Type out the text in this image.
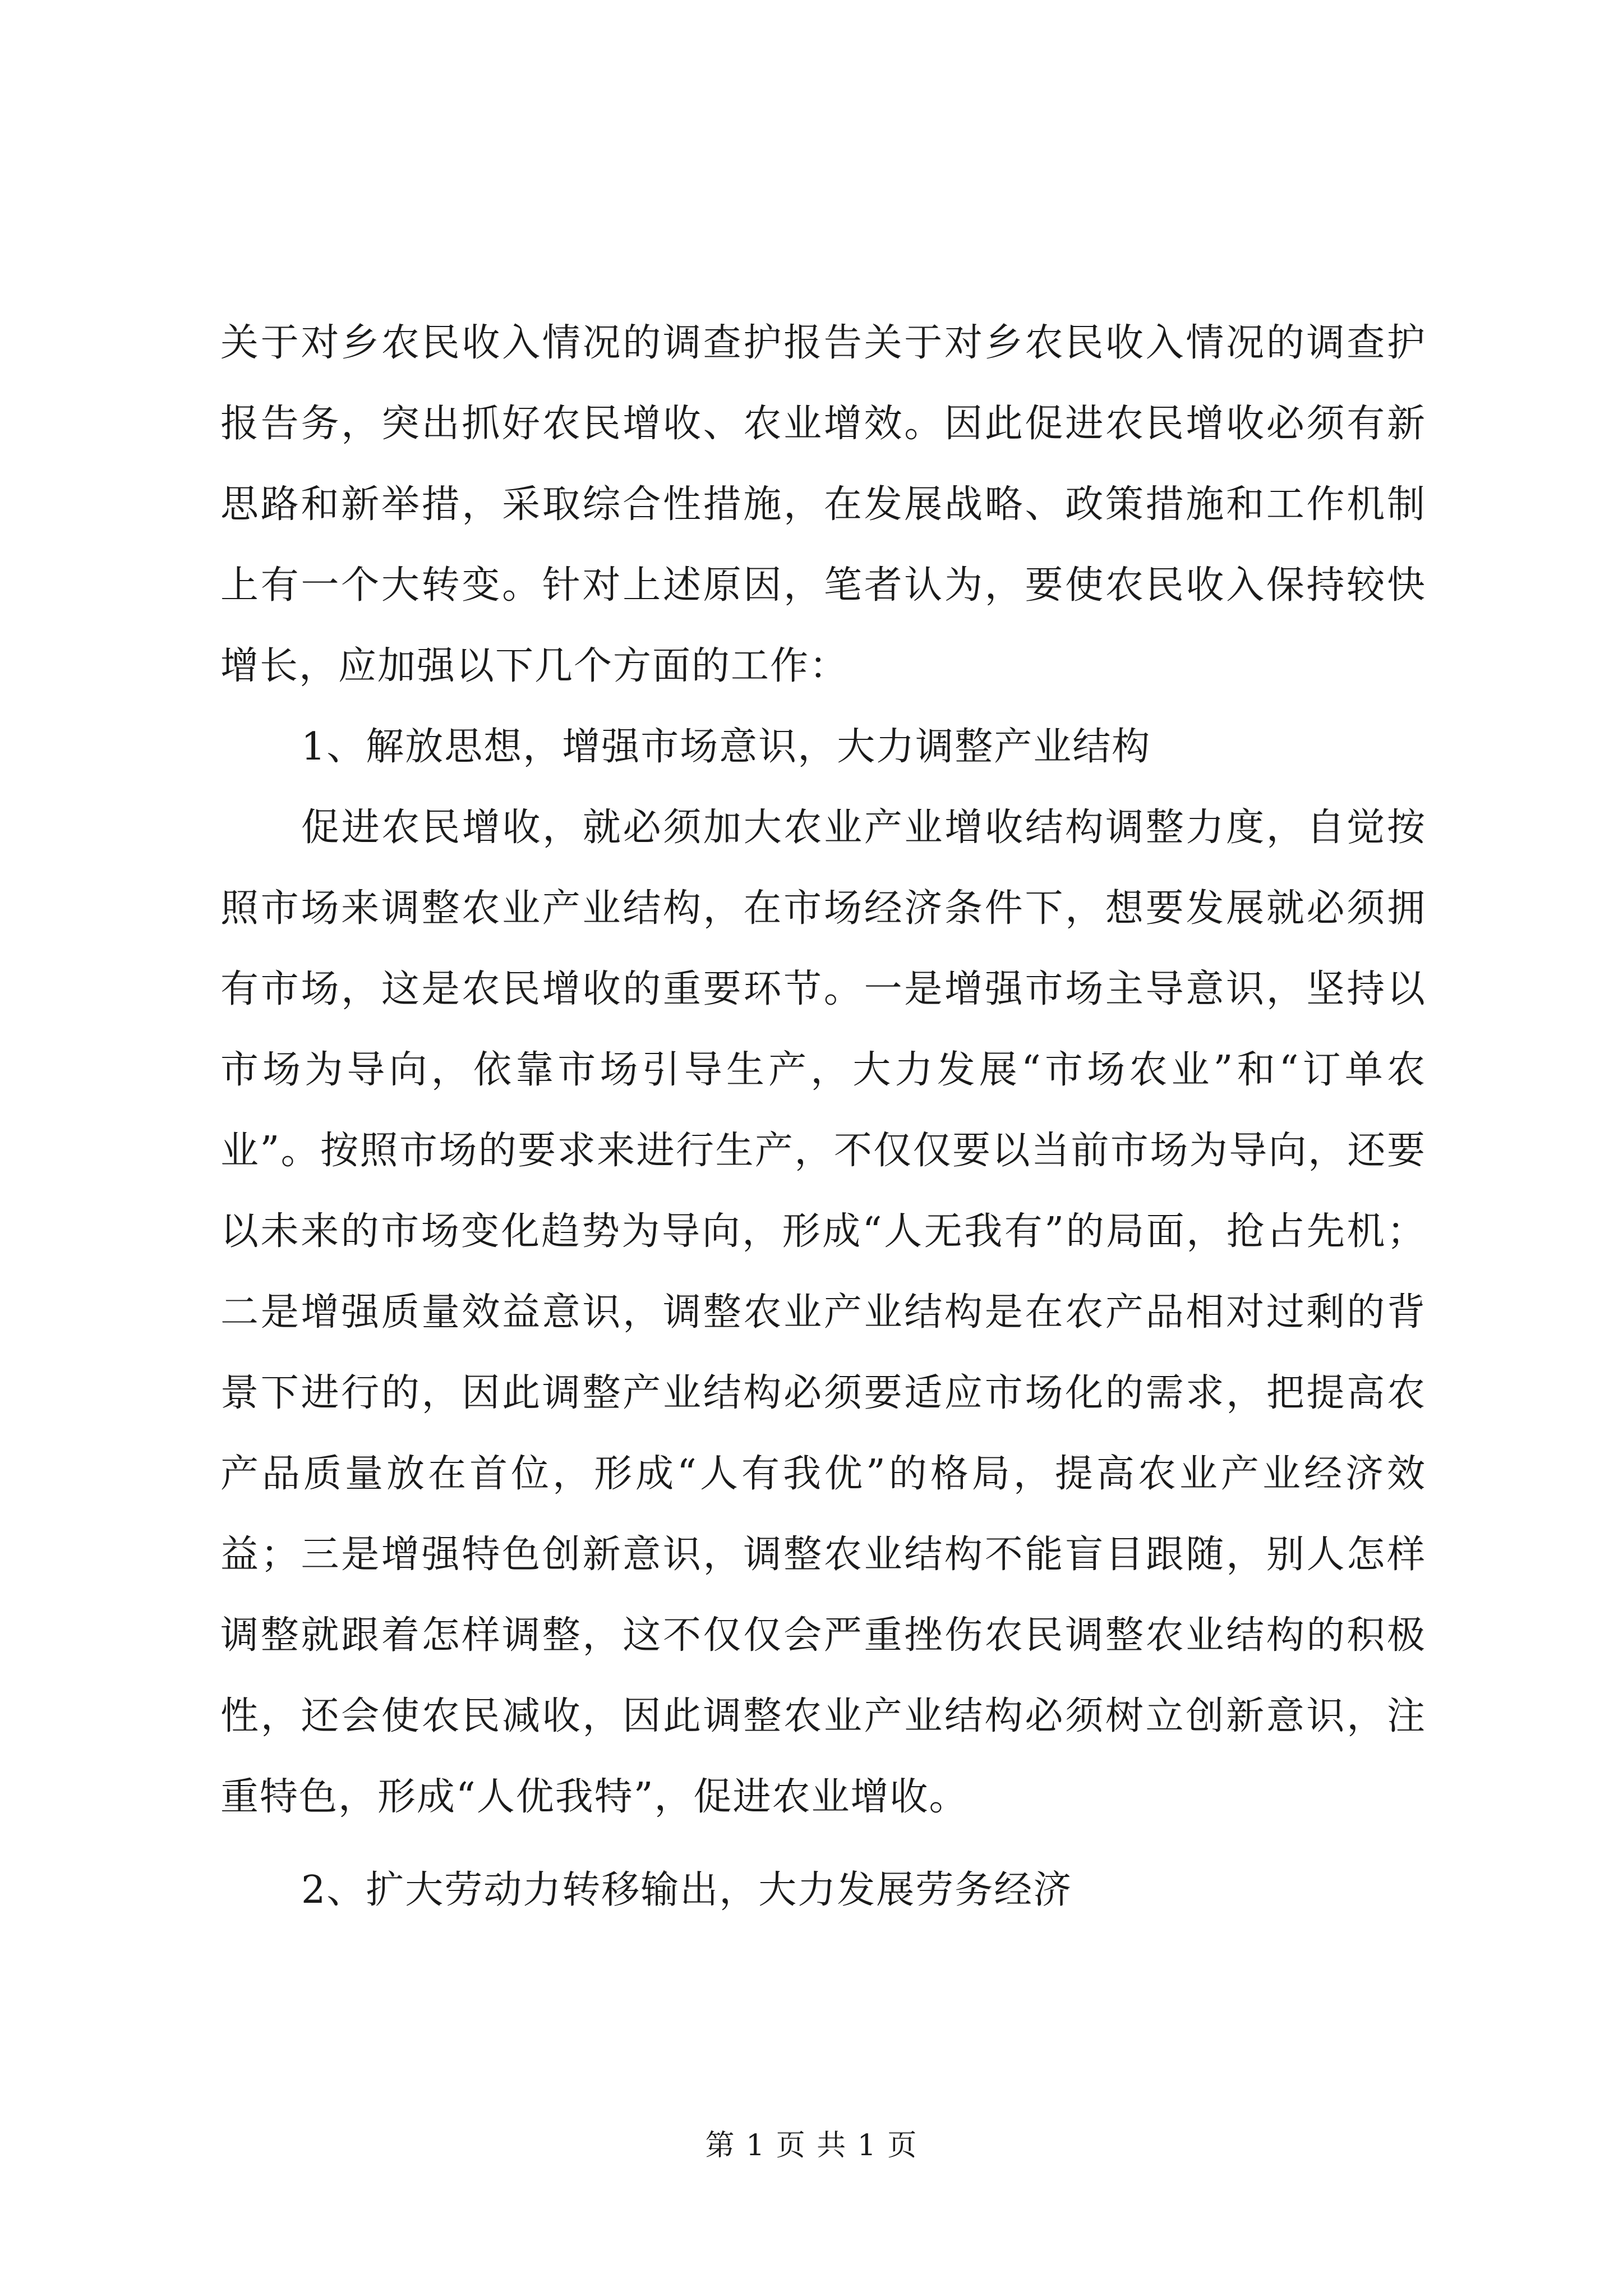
关于对乡农民收入情况的调查护报告关于对乡农民收入情况的调查护报告务，突出抓好农民增收、农业增效。因此促进农民增收必须有新思路和新举措，采取综合性措施，在发展战略、政策措施和工作机制上有一个大转变。针对上述原因，笔者认为，要使农民收入保持较快增长，应加强以下几个方面的工作：

1、解放思想，增强市场意识，大力调整产业结构

促进农民增收，就必须加大农业产业增收结构调整力度，自觉按照市场来调整农业产业结构，在市场经济条件下，想要发展就必须拥有市场，这是农民增收的重要环节。一是增强市场主导意识，坚持以市场为导向，依靠市场引导生产，大力发展“市场农业”和“订单农业”。按照市场的要求来进行生产，不仅仅要以当前市场为导向，还要以未来的市场变化趋势为导向，形成“人无我有”的局面，抢占先机；二是增强质量效益意识，调整农业产业结构是在农产品相对过剩的背景下进行的，因此调整产业结构必须要适应市场化的需求，把提高农产品质量放在首位，形成“人有我优”的格局，提高农业产业经济效益；三是增强特色创新意识，调整农业结构不能盲目跟随，别人怎样调整就跟着怎样调整，这不仅仅会严重挫伤农民调整农业结构的积极性，还会使农民减收，因此调整农业产业结构必须树立创新意识，注重特色，形成“人优我特”，促进农业增收。

2、扩大劳动力转移输出，大力发展劳务经济

第 1 页 共 1 页
